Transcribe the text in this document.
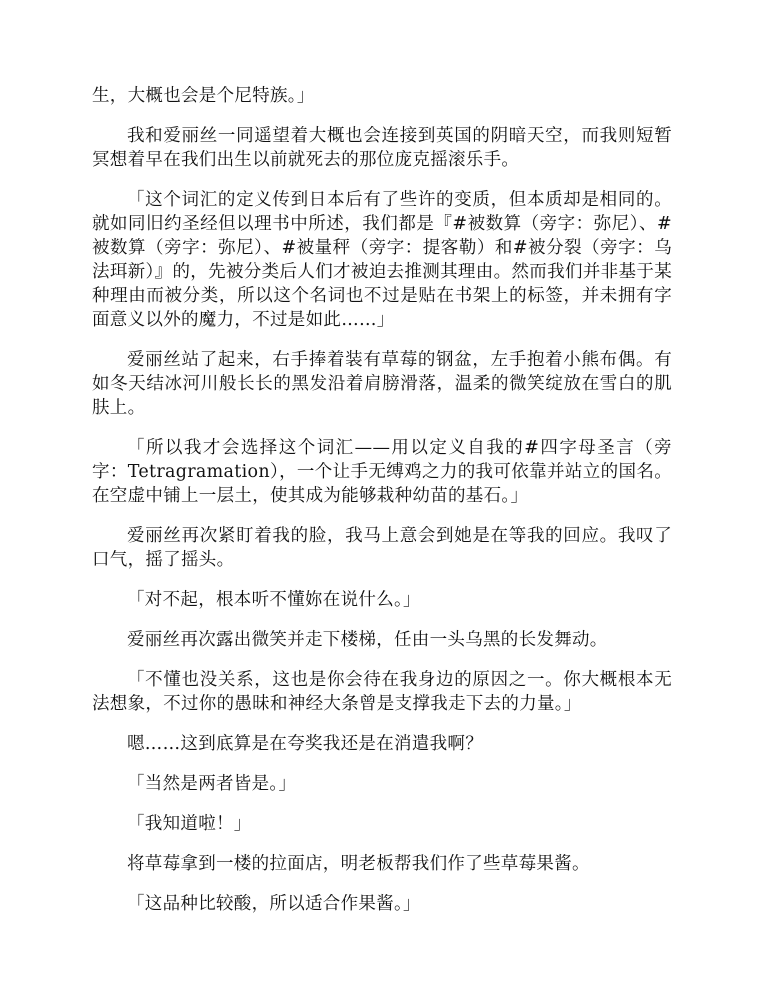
生，大概也会是个尼特族。」

我和爱丽丝一同遥望着大概也会连接到英国的阴暗天空，而我则短暂冥想着早在我们出生以前就死去的那位庞克摇滚乐手。

「这个词汇的定义传到日本后有了些许的变质，但本质却是相同的。就如同旧约圣经但以理书中所述，我们都是『#被数算（旁字：弥尼）、#被数算（旁字：弥尼）、#被量秤（旁字：提客勒）和#被分裂（旁字：乌法珥新）』的，先被分类后人们才被迫去推测其理由。然而我们并非基于某种理由而被分类，所以这个名词也不过是贴在书架上的标签，并未拥有字面意义以外的魔力，不过是如此……」

爱丽丝站了起来，右手捧着装有草莓的钢盆，左手抱着小熊布偶。有如冬天结冰河川般长长的黑发沿着肩膀滑落，温柔的微笑绽放在雪白的肌肤上。

「所以我才会选择这个词汇——用以定义自我的#四字母圣言（旁字：Tetragramation），一个让手无缚鸡之力的我可依靠并站立的国名。在空虚中铺上一层土，使其成为能够栽种幼苗的基石。」

爱丽丝再次紧盯着我的脸，我马上意会到她是在等我的回应。我叹了口气，摇了摇头。

「对不起，根本听不懂妳在说什么。」

爱丽丝再次露出微笑并走下楼梯，任由一头乌黑的长发舞动。

「不懂也没关系，这也是你会待在我身边的原因之一。你大概根本无法想象，不过你的愚昧和神经大条曾是支撑我走下去的力量。」

嗯……这到底算是在夸奖我还是在消遣我啊？

「当然是两者皆是。」

「我知道啦！」

将草莓拿到一楼的拉面店，明老板帮我们作了些草莓果酱。

「这品种比较酸，所以适合作果酱。」
